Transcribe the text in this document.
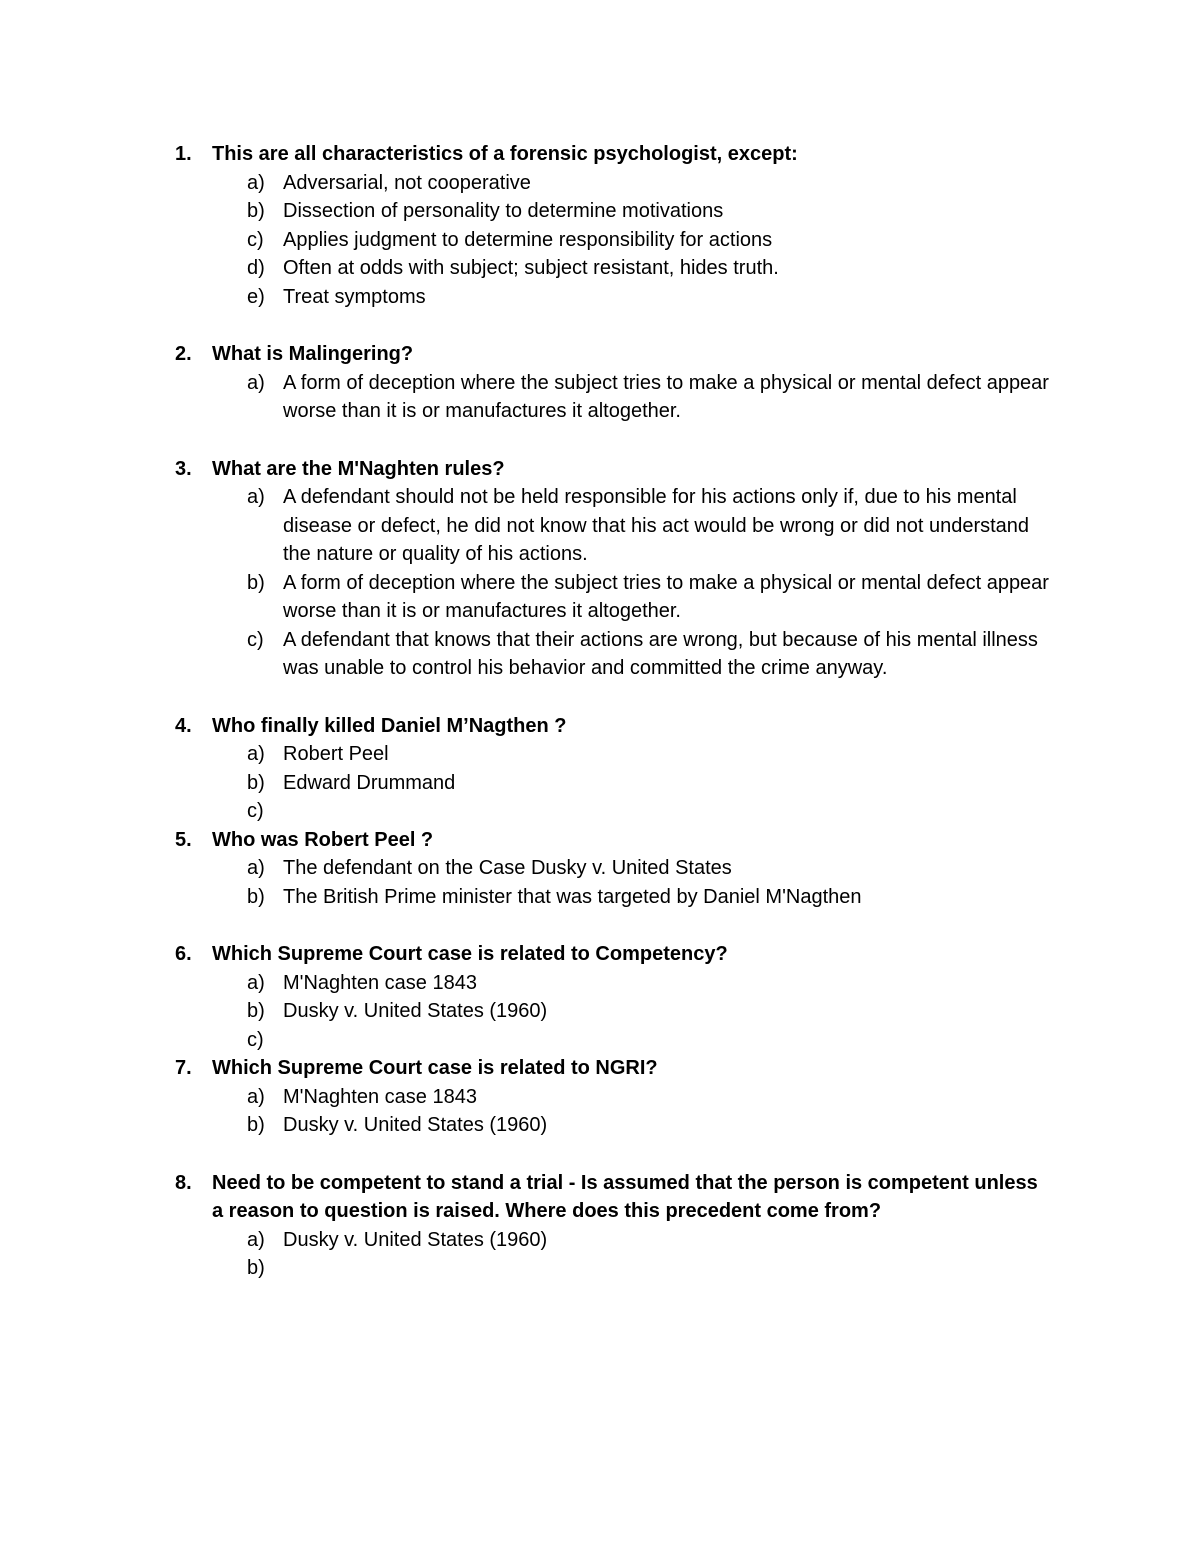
1. This are all characteristics of a forensic psychologist, except:
a) Adversarial, not cooperative
b) Dissection of personality to determine motivations
c) Applies judgment to determine responsibility for actions
d) Often at odds with subject; subject resistant, hides truth.
e) Treat symptoms
2. What is Malingering?
a) A form of deception where the subject tries to make a physical or mental defect appear worse than it is or manufactures it altogether.
3. What are the M'Naghten rules?
a) A defendant should not be held responsible for his actions only if, due to his mental disease or defect, he did not know that his act would be wrong or did not understand the nature or quality of his actions.
b) A form of deception where the subject tries to make a physical or mental defect appear worse than it is or manufactures it altogether.
c) A defendant that knows that their actions are wrong, but because of his mental illness was unable to control his behavior and committed the crime anyway.
4. Who finally killed Daniel M’Nagthen ?
a) Robert Peel
b) Edward Drummand
c)

5. Who was Robert Peel ?
a) The defendant on the Case Dusky v. United States
b) The British Prime minister that was targeted by Daniel M'Nagthen
6. Which Supreme Court case is related to Competency?
a) M'Naghten case 1843
b) Dusky v. United States (1960)
c)

7. Which Supreme Court case is related to NGRI?
a) M'Naghten case 1843
b) Dusky v. United States (1960)
8. Need to be competent to stand a trial - Is assumed that the person is competent unless a reason to question is raised. Where does this precedent come from?
a) Dusky v. United States (1960)
b)
